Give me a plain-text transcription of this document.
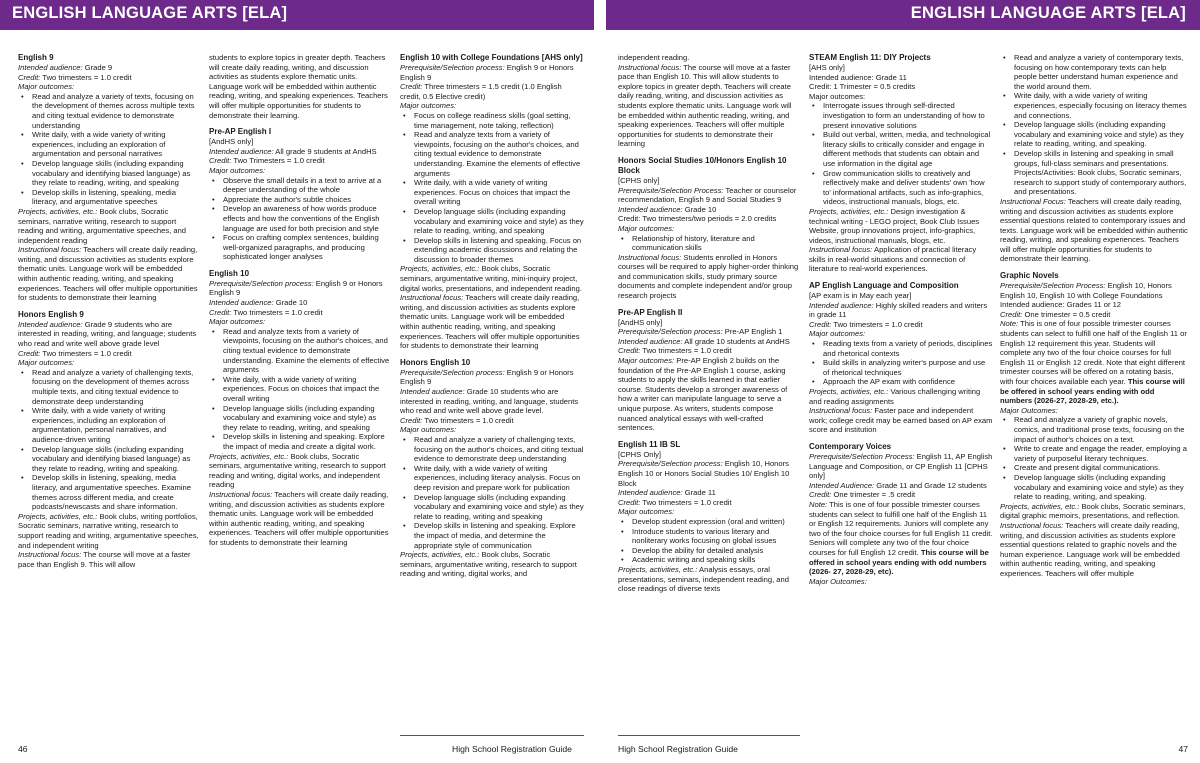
ENGLISH LANGUAGE ARTS [ELA]	ENGLISH LANGUAGE ARTS [ELA]
English 9

Intended audience: Grade 9

Credit: Two trimesters = 1.0 credit

Major outcomes:

• Read and analyze a variety of texts, focusing on the development of themes across multiple texts and citing textual evidence to demonstrate understanding
• Write daily, with a wide variety of writing experiences, including an exploration of argumentation and personal narratives
• Develop language skills (including expanding vocabulary and identifying biased language) as they relate to reading, writing, and speaking
• Develop skills in listening, speaking, media literacy, and argumentative speeches

Projects, activities, etc.: Book clubs, Socratic seminars, narrative writing, research to support reading and writing, argumentative speeches, and independent reading

Instructional focus: Teachers will create daily reading, writing, and discussion activities as students explore thematic units. Language work will be embedded within authentic reading, writing, and speaking experiences. Teachers will offer multiple opportunities for students to demonstrate their learning

Honors English 9

Intended audience: Grade 9 students who are interested in reading, writing, and language; students who read and write well above grade level

Credit: Two trimesters = 1.0 credit

Major outcomes:

• Read and analyze a variety of challenging texts, focusing on the development of themes across multiple texts, and citing textual evidence to demonstrate deep understanding
• Write daily, with a wide variety of writing experiences, including an exploration of argumentation, personal narratives, and audience-driven writing
• Develop language skills (including expanding vocabulary and identifying biased language) as they relate to reading, writing and speaking.
• Develop skills in listening, speaking, media literacy, and argumentative speeches. Examine themes across different media, and create podcasts/newscasts and share information.

Projects, activities, etc.: Book clubs, writing portfolios, Socratic seminars, narrative writing, research to support reading and writing, argumentative speeches, and independent writing

Instructional focus: The course will move at a faster pace than English 9. This will allow

students to explore topics in greater depth. Teachers will create daily reading, writing, and discussion activities as students explore thematic units. Language work will be embedded within authentic reading, writing, and speaking experiences. Teachers will offer multiple opportunities for students to demonstrate their learning.

Pre-AP English I

[AndHS only]

Intended audience: All grade 9 students at AndHS

Credit: Two Trimesters = 1.0 credit

Major outcomes:

• Observe the small details in a text to arrive at a deeper understanding of the whole
• Appreciate the author's subtle choices
• Develop an awareness of how words produce effects and how the conventions of the English language are used for both precision and style
• Focus on crafting complex sentences, building well-organized paragraphs, and producing sophisticated longer analyses
English 10

Prerequisite/Selection process: English 9 or Honors English 9

Intended audience: Grade 10

Credit: Two trimesters = 1.0 credit

Major outcomes:

• Read and analyze texts from a variety of viewpoints, focusing on the author's choices, and citing textual evidence to demonstrate understanding. Examine the elements of effective arguments
• Write daily, with a wide variety of writing experiences. Focus on choices that impact the overall writing
• Develop language skills (including expanding vocabulary and examining voice and style) as they relate to reading, writing, and speaking
• Develop skills in listening and speaking. Explore the impact of media and create a digital work.

Projects, activities, etc.: Book clubs, Socratic seminars, argumentative writing, research to support reading and writing, digital works, and independent reading

Instructional focus: Teachers will create daily reading, writing, and discussion activities as students explore thematic units. Language work will be embedded within authentic reading, writing, and speaking experiences. Teachers will offer multiple opportunities for students to demonstrate their learning

English 10 with College Foundations [AHS only]

Prerequisite/Selection process: English 9 or Honors English 9

Credit: Three trimesters = 1.5 credit (1.0 English credit, 0.5 Elective credit)

Major outcomes:

• Focus on college readiness skills (goal setting, time management, note taking, reflection)
• Read and analyze texts from a variety of viewpoints, focusing on the author's choices, and citing textual evidence to demonstrate understanding. Examine the elements of effective arguments
• Write daily, with a wide variety of writing experiences. Focus on choices that impact the overall writing
• Develop language skills (including expanding vocabulary and examining voice and style) as they relate to reading, writing, and speaking
• Develop skills in listening and speaking. Focus on extending academic discussions and relating the discussion to broader themes

Projects, activities, etc.: Book clubs, Socratic seminars, argumentative writing, mini-inquiry project, digital works, presentations, and independent reading.

Instructional focus: Teachers will create daily reading, writing, and discussion activities as students explore thematic units. Language work will be embedded within authentic reading, writing, and speaking experiences. Teachers will offer multiple opportunities for students to demonstrate their learning

Honors English 10

Prerequisite/Selection process: English 9 or Honors English 9

Intended audience: Grade 10 students who are interested in reading, writing, and language, students who read and write well above grade level.

Credit: Two trimesters = 1.0 credit

Major outcomes:

• Read and analyze a variety of challenging texts, focusing on the author's choices, and citing textual evidence to demonstrate deep understanding
• Write daily, with a wide variety of writing experiences, including literacy analysis. Focus on deep revision and prepare work for publication
• Develop language skills (including expanding vocabulary and examining voice and style) as they relate to reading, writing and speaking
• Develop skills in listening and speaking. Explore the impact of media, and determine the appropriate style of communication

Projects, activities, etc.: Book clubs, Socratic seminars, argumentative writing, research to support reading and writing, digital works, and

independent reading.

Instructional focus: The course will move at a faster pace than English 10. This will allow students to explore topics in greater depth. Teachers will create daily reading, writing, and discussion activities as students explore thematic units. Language work will be embedded within authentic reading, writing, and speaking experiences. Teachers will offer multiple opportunities for students to demonstrate their learning

Honors Social Studies 10/Honors English 10 Block

[CPHS only]

Prerequisite/Selection Process: Teacher or counselor recommendation, English 9 and Social Studies 9

Intended audience: Grade 10

Credit: Two trimesters/two periods = 2.0 credits

Major outcomes:

• Relationship of history, literature and communication skills

Instructional focus: Students enrolled in Honors courses will be required to apply higher-order thinking and communication skills, study primary source documents and complete independent and/or group research projects

Pre-AP English II

[AndHS only]

Prerequisite/Selection process: Pre-AP English 1

Intended audience: All grade 10 students at AndHS

Credit: Two trimesters = 1.0 credit

Major outcomes: Pre-AP English 2 builds on the foundation of the Pre-AP English 1 course, asking students to apply the skills learned in that earlier course. Students develop a stronger awareness of how a writer can manipulate language to serve a unique purpose. As writers, students compose nuanced analytical essays with well-crafted sentences.

English 11 IB SL

[CPHS Only]

Prerequisite/Selection process: English 10, Honors English 10 or Honors Social Studies 10/ English 10 Block

Intended audience: Grade 11

Credit: Two trimesters = 1.0 credit

Major outcomes:

• Develop student expression (oral and written)
• Introduce students to various literary and nonliterary works focusing on global issues
• Develop the ability for detailed analysis
• Academic writing and speaking skills

Projects, activities, etc.: Analysis essays, oral presentations, seminars, independent reading, and close readings of diverse texts

STEAM English 11: DIY Projects

[AHS only]

Intended audience: Grade 11

Credit: 1 Trimester = 0.5 credits

Major outcomes:

• Interrogate issues through self-directed investigation to form an understanding of how to present innovative solutions
• Build out verbal, written, media, and technological literacy skills to critically consider and engage in different methods that students can obtain and use information in the digital age
• Grow communication skills to creatively and reflectively make and deliver students' own 'how to' informational artifacts, such as info-graphics, videos, instructional manuals, blogs, etc.

Projects, activities, etc.: Design investigation & technical writing - LEGO project, Book Club Issues Website, group innovations project, info-graphics, videos, instructional manuals, blogs, etc.

Instructional focus: Application of practical literacy skills in real-world situations and connection of literature to real-world experiences.

AP English Language and Composition

[AP exam is in May each year]

Intended audience: Highly skilled readers and writers in grade 11

Credit: Two trimesters = 1.0 credit

Major outcomes:

• Reading texts from a variety of periods, disciplines and rhetorical contexts
• Build skills in analyzing writer's purpose and use of rhetorical techniques
• Approach the AP exam with confidence

Projects, activities, etc.: Various challenging writing and reading assignments

Instructional focus: Faster pace and independent work; college credit may be earned based on AP exam score and institution

Contemporary Voices

Prerequisite/Selection Process: English 11, AP English Language and Composition, or CP English 11 [CPHS only]

Intended Audience: Grade 11 and Grade 12 students

Credit: One trimester = .5 credit

Note: This is one of four possible trimester courses students can select to fulfill one half of the English 11 or English 12 requirements. Juniors will complete any two of the four choice courses for full English 11 credit. Seniors will complete any two of the four choice courses for full English 12 credit. This course will be offered in school years ending with odd numbers (2026- 27, 2028-29, etc).

Major Outcomes:

• Read and analyze a variety of contemporary texts, focusing on how contemporary texts can help people better understand human experience and the world around them.
• Write daily, with a wide variety of writing experiences, especially focusing on literacy themes and connections.
• Develop language skills (including expanding vocabulary and examining voice and style) as they relate to reading, writing, and speaking.
• Develop skills in listening and speaking in small groups, full-class seminars and presentations. Projects/Activities: Book clubs, Socratic seminars, research to support study of contemporary authors, and presentations.

Instructional Focus: Teachers will create daily reading, writing and discussion activities as students explore essential questions related to contemporary issues and texts. Language work will be embedded within authentic reading, writing, and speaking experiences. Teachers will offer multiple opportunities for students to demonstrate their learning.

Graphic Novels

Prerequisite/Selection Process: English 10, Honors English 10, English 10 with College Foundations

Intended audience: Grades 11 or 12

Credit: One trimester = 0.5 credit

Note: This is one of four possible trimester courses students can select to fulfill one half of the English 11 or English 12 requirement this year. Students will complete any two of the four choice courses for full English 11 or English 12 credit. Note that eight different trimester courses will be offered on a rotating basis, with four choices available each year. This course will be offered in school years ending with odd numbers (2026-27, 2028-29, etc.).

Major Outcomes:

• Read and analyze a variety of graphic novels, comics, and traditional prose texts, focusing on the impact of author's choices on a text.
• Write to create and engage the reader, employing a variety of purposeful literary techniques.
• Create and present digital communications.
• Develop language skills (including expanding vocabulary and examining voice and style) as they relate to reading, writing, and speaking.

Projects, activities, etc.: Book clubs, Socratic seminars, digital graphic memoirs, presentations, and reflection.

Instructional focus: Teachers will create daily reading, writing, and discussion activities as students explore essential questions related to graphic novels and the human experience. Language work will be embedded within authentic reading, writing, and speaking experiences. Teachers will offer multiple

46	High School Registration Guide	High School Registration Guide	47
